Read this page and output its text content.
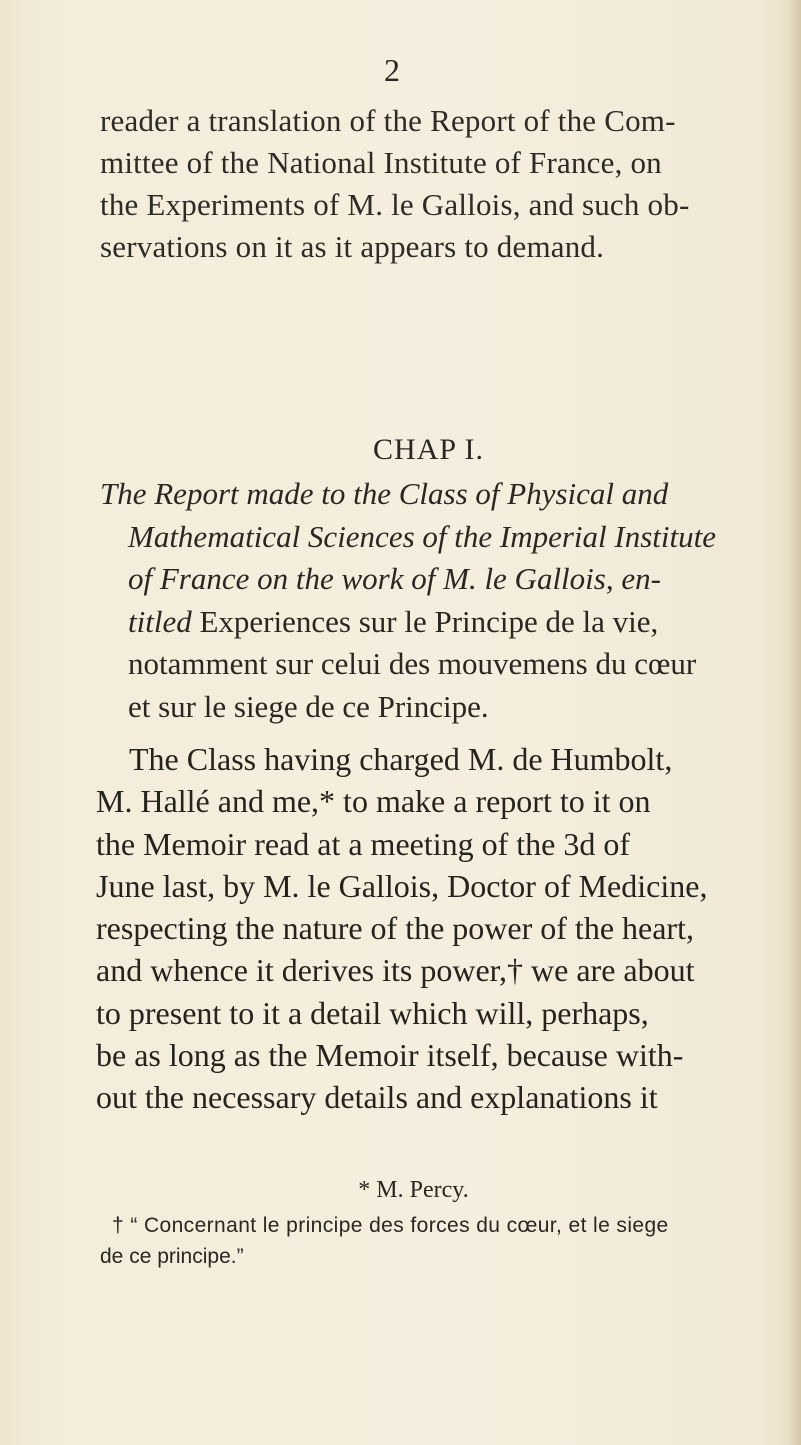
2
reader a translation of the Report of the Com-
mittee of the National Institute of France, on
the Experiments of M. le Gallois, and such ob-
servations on it as it appears to demand.
CHAP I.
The Report made to the Class of Physical and
Mathematical Sciences of the Imperial Institute
of France on the work of M. le Gallois, en-
titled Experiences sur le Principe de la vie,
notamment sur celui des mouvemens du cœur
et sur le siege de ce Principe.
The Class having charged M. de Humbolt,
M. Hallé and me,* to make a report to it on
the Memoir read at a meeting of the 3d of
June last, by M. le Gallois, Doctor of Medicine,
respecting the nature of the power of the heart,
and whence it derives its power,† we are about
to present to it a detail which will, perhaps,
be as long as the Memoir itself, because with-
out the necessary details and explanations it
* M. Percy.
† “ Concernant le principe des forces du cœur, et le siege
de ce principe.”
